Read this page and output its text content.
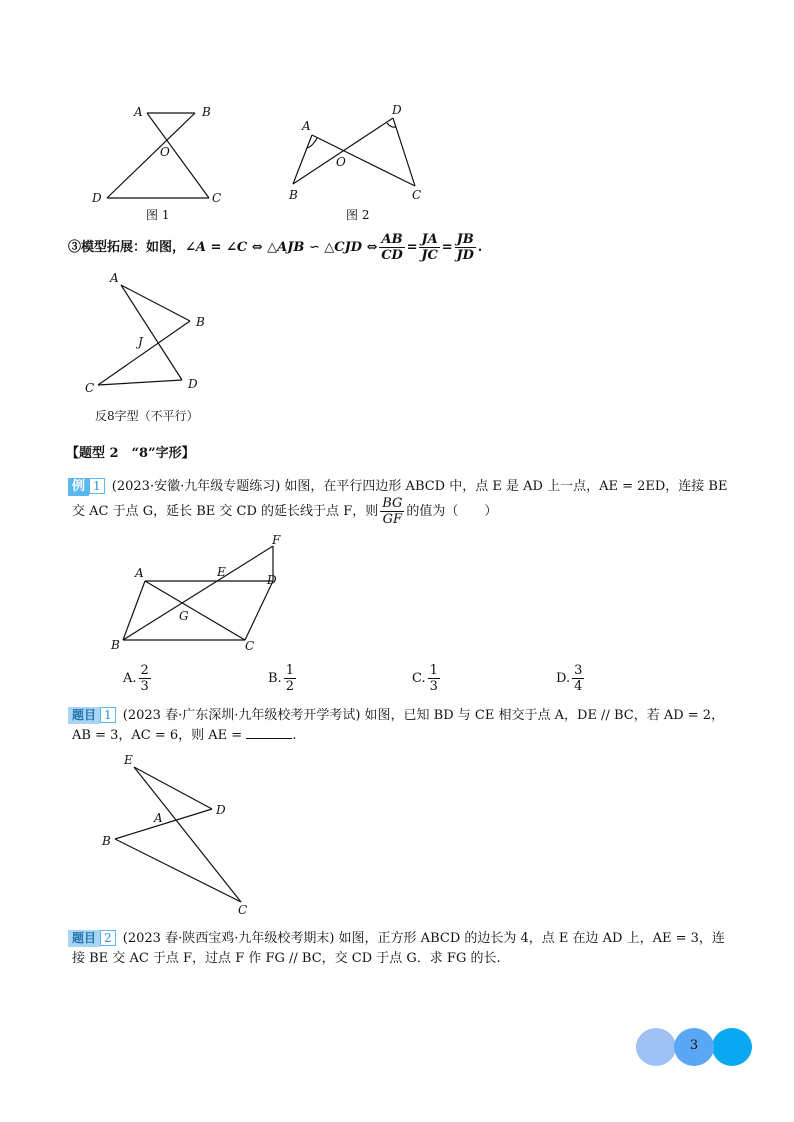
A	B
O
D	C
图 1
A
D
O
B	C
图 2
③模型拓展：如图， ∠A = ∠C ⇔ △AJB ∽ △CJD ⇔ $\frac{AB}{CD} = \frac{JA}{JC} = \frac{JB}{JD}$ .
A
B
J
C	D
反8字型（不平行）
【题型 2　“8”字形】
例 1 (2023·安徽·九年级专题练习) 如图，在平行四边形 ABCD 中，点 E 是 AD 上一点，AE = 2ED，连接 BE
交 AC 于点 G，延长 BE 交 CD 的延长线于点 F，则 $\frac{BG}{GF}$ 的值为（　　）
F
A	E
D
G
B	C
A. $\frac{2}{3}$	B. $\frac{1}{2}$	C. $\frac{1}{3}$	D. $\frac{3}{4}$
题目 1 (2023 春·广东深圳·九年级校考开学考试) 如图，已知 BD 与 CE 相交于点 A，DE // BC，若 AD = 2，
AB = 3，AC = 6，则 AE =	.
E
D
A
B
C
题目 2 (2023 春·陕西宝鸡·九年级校考期末) 如图，正方形 ABCD 的边长为 4，点 E 在边 AD 上，AE = 3，连
接 BE 交 AC 于点 F，过点 F 作 FG // BC，交 CD 于点 G．求 FG 的长.
3
